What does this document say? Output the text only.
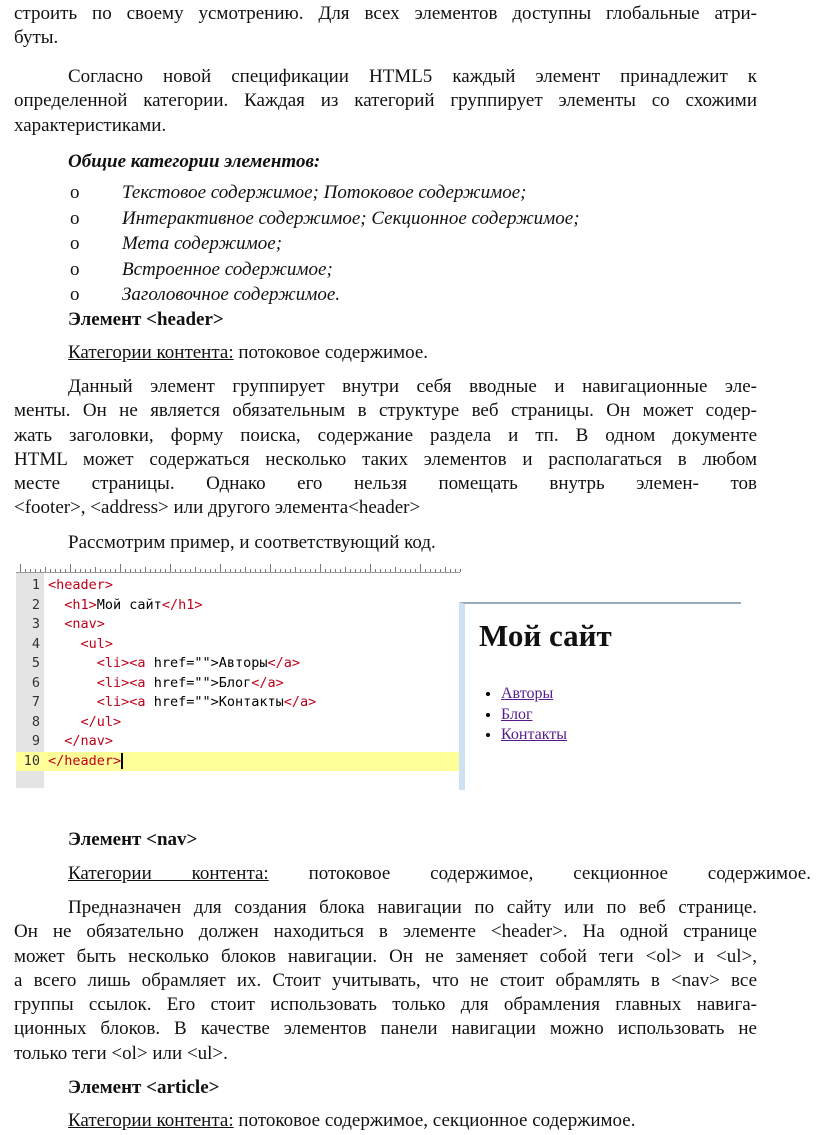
строить по своему усмотрению. Для всех элементов доступны глобальные атри-
буты.
Согласно новой спецификации HTML5 каждый элемент принадлежит к
определенной категории. Каждая из категорий группирует элементы со схожими
характеристиками.
Общие категории элементов:
o Текстовое содержимое; Потоковое содержимое;
o Интерактивное содержимое; Секционное содержимое;
o Мета содержимое;
o Встроенное содержимое;
o Заголовочное содержимое.
Элемент <header>
Категории контента: потоковое содержимое.
Данный элемент группирует внутри себя вводные и навигационные эле-
менты. Он не является обязательным в структуре веб страницы. Он может содер-
жать заголовки, форму поиска, содержание раздела и тп. В одном документе
HTML может содержаться несколько таких элементов и располагаться в любом
месте страницы. Однако его нельзя помещать внутрь элемен- тов
<footer>, <address> или другого элемента<header>
Рассмотрим пример, и соответствующий код.
1 <header>
2	<h1>Мой сайт</h1>
3	<nav>
4	<ul>
5	<li><a href="">Авторы</a>
6	<li><a href="">Блог</a>
7	<li><a href="">Контакты</a>
8	</ul>
9	</nav>
10 </header>
Мой сайт
• Авторы
• Блог
• Контакты
Элемент <nav>
Категории контента: потоковое содержимое, секционное содержимое.
Предназначен для создания блока навигации по сайту или по веб странице.
Он не обязательно должен находиться в элементе <header>. На одной странице
может быть несколько блоков навигации. Он не заменяет собой теги <ol> и <ul>,
а всего лишь обрамляет их. Стоит учитывать, что не стоит обрамлять в <nav> все
группы ссылок. Его стоит использовать только для обрамления главных навига-
ционных блоков. В качестве элементов панели навигации можно использовать не
только теги <ol> или <ul>.
Элемент <article>
Категории контента: потоковое содержимое, секционное содержимое.
